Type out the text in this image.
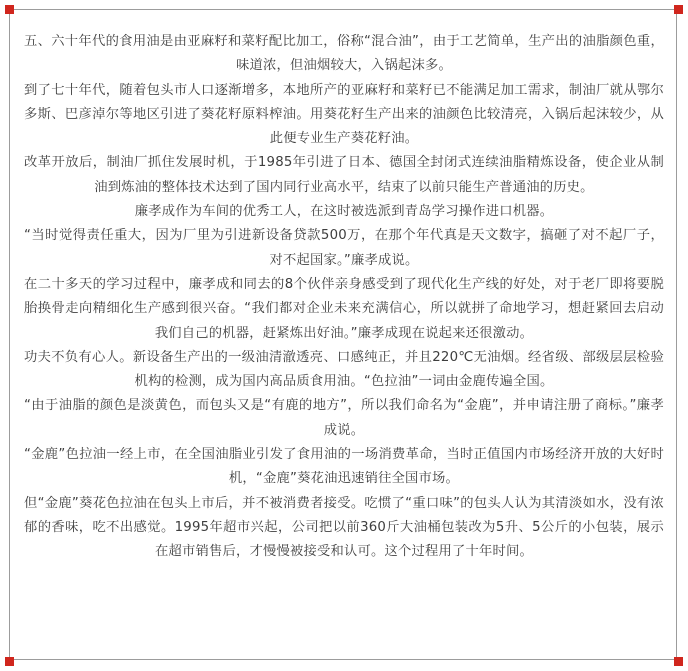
五、六十年代的食用油是由亚麻籽和菜籽配比加工，俗称“混合油”，由于工艺简单，生产出的油脂颜色重，味道浓，但油烟较大，入锅起沫多。

到了七十年代，随着包头市人口逐渐增多，本地所产的亚麻籽和菜籽已不能满足加工需求，制油厂就从鄂尔多斯、巴彦淖尔等地区引进了葵花籽原料榨油。用葵花籽生产出来的油颜色比较清亮，入锅后起沫较少，从此便专业生产葵花籽油。

改革开放后，制油厂抓住发展时机，于1985年引进了日本、德国全封闭式连续油脂精炼设备，使企业从制油到炼油的整体技术达到了国内同行业高水平，结束了以前只能生产普通油的历史。

廉孝成作为车间的优秀工人，在这时被选派到青岛学习操作进口机器。

“当时觉得责任重大，因为厂里为引进新设备贷款500万，在那个年代真是天文数字，搞砸了对不起厂子，对不起国家。”廉孝成说。

在二十多天的学习过程中，廉孝成和同去的8个伙伴亲身感受到了现代化生产线的好处，对于老厂即将要脱胎换骨走向精细化生产感到很兴奋。“我们都对企业未来充满信心，所以就拼了命地学习，想赶紧回去启动我们自己的机器，赶紧炼出好油。”廉孝成现在说起来还很激动。

功夫不负有心人。新设备生产出的一级油清澈透亮、口感纯正，并且220℃无油烟。经省级、部级层层检验机构的检测，成为国内高品质食用油。“色拉油”一词由金鹿传遍全国。

“由于油脂的颜色是淡黄色，而包头又是“有鹿的地方”，所以我们命名为“金鹿”，并申请注册了商标。”廉孝成说。

“金鹿”色拉油一经上市，在全国油脂业引发了食用油的一场消费革命，当时正值国内市场经济开放的大好时机，“金鹿”葵花油迅速销往全国市场。

但“金鹿”葵花色拉油在包头上市后，并不被消费者接受。吃惯了“重口味”的包头人认为其清淡如水，没有浓郁的香味，吃不出感觉。1995年超市兴起，公司把以前360斤大油桶包装改为5升、5公斤的小包装，展示在超市销售后，才慢慢被接受和认可。这个过程用了十年时间。
